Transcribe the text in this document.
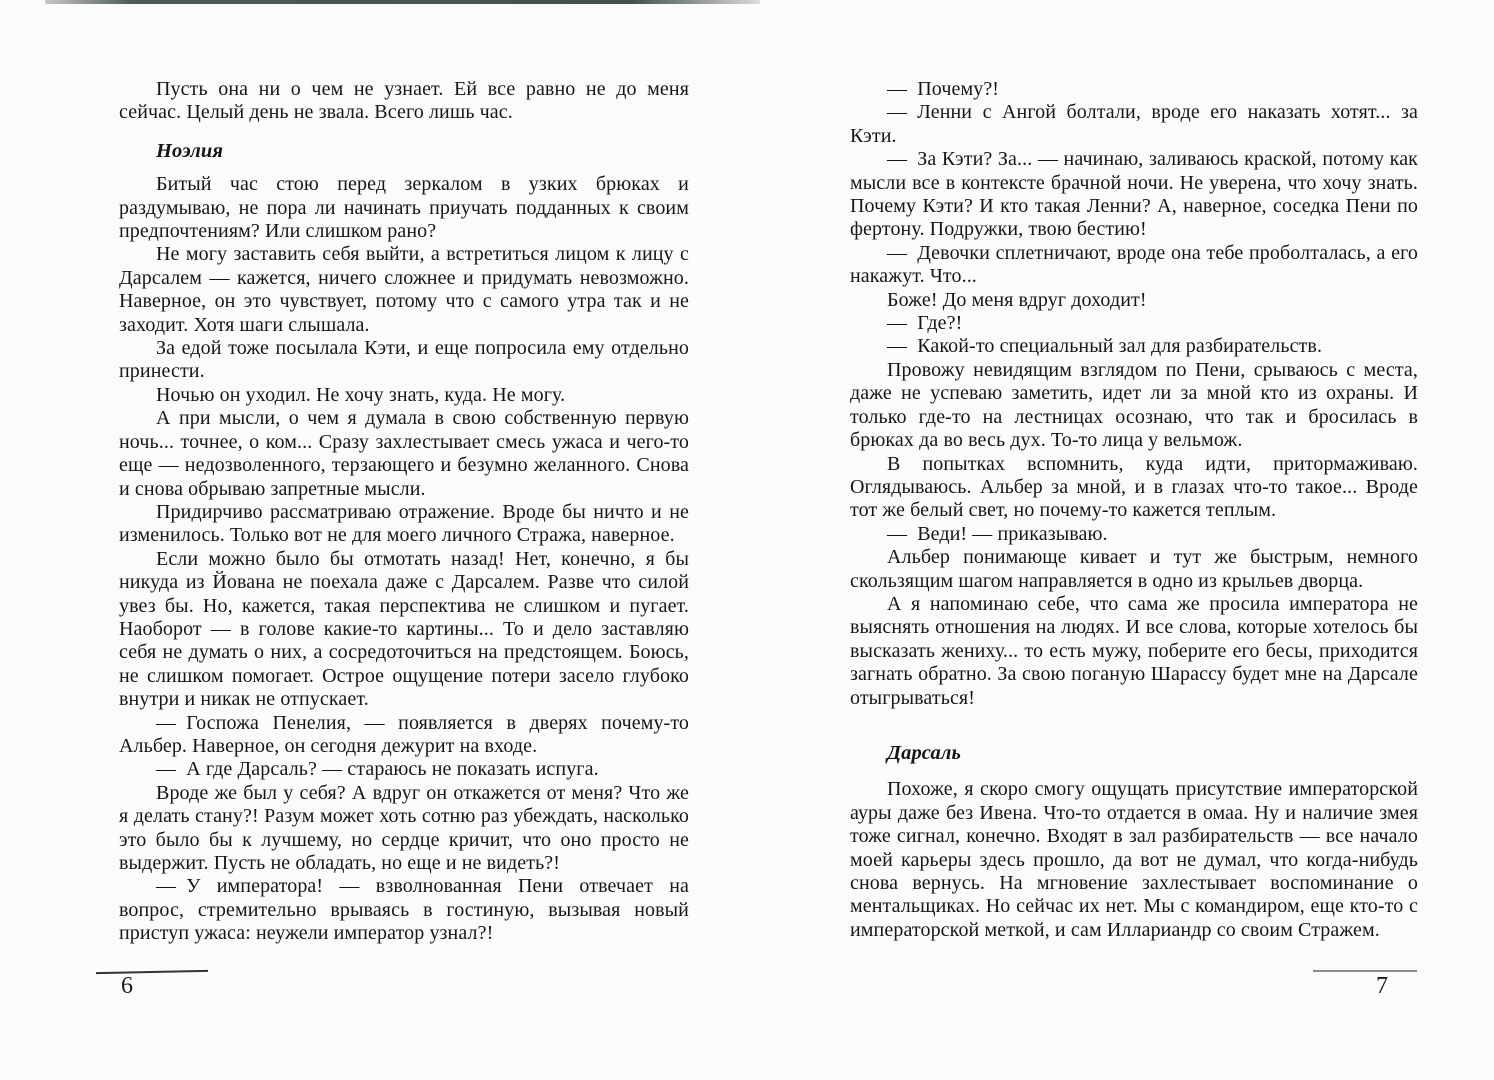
Пусть она ни о чем не узнает. Ей все равно не до меня сейчас. Целый день не звала. Всего лишь час.

Ноэлия

Битый час стою перед зеркалом в узких брюках и раздумываю, не пора ли начинать приучать подданных к своим предпочтениям? Или слишком рано?

Не могу заставить себя выйти, а встретиться лицом к лицу с Дарсалем — кажется, ничего сложнее и придумать невозможно. Наверное, он это чувствует, потому что с самого утра так и не заходит. Хотя шаги слышала.

За едой тоже посылала Кэти, и еще попросила ему отдельно принести.

Ночью он уходил. Не хочу знать, куда. Не могу.

А при мысли, о чем я думала в свою собственную первую ночь... точнее, о ком... Сразу захлестывает смесь ужаса и чего-то еще — недозволенного, терзающего и безумно желанного. Снова и снова обрываю запретные мысли.

Придирчиво рассматриваю отражение. Вроде бы ничто и не изменилось. Только вот не для моего личного Стража, наверное.

Если можно было бы отмотать назад! Нет, конечно, я бы никуда из Йована не поехала даже с Дарсалем. Разве что силой увез бы. Но, кажется, такая перспектива не слишком и пугает. Наоборот — в голове какие-то картины... То и дело заставляю себя не думать о них, а сосредоточиться на предстоящем. Боюсь, не слишком помогает. Острое ощущение потери засело глубоко внутри и никак не отпускает.

— Госпожа Пенелия, — появляется в дверях почему-то Альбер. Наверное, он сегодня дежурит на входе.

— А где Дарсаль? — стараюсь не показать испуга.

Вроде же был у себя? А вдруг он откажется от меня? Что же я делать стану?! Разум может хоть сотню раз убеждать, насколько это было бы к лучшему, но сердце кричит, что оно просто не выдержит. Пусть не обладать, но еще и не видеть?!

— У императора! — взволнованная Пени отвечает на вопрос, стремительно врываясь в гостиную, вызывая новый приступ ужаса: неужели император узнал?!

6

— Почему?!

— Ленни с Ангой болтали, вроде его наказать хотят... за Кэти.

— За Кэти? За... — начинаю, заливаюсь краской, потому как мысли все в контексте брачной ночи. Не уверена, что хочу знать. Почему Кэти? И кто такая Ленни? А, наверное, соседка Пени по фертону. Подружки, твою бестию!

— Девочки сплетничают, вроде она тебе проболталась, а его накажут. Что...

Боже! До меня вдруг доходит!

— Где?!

— Какой-то специальный зал для разбирательств.

Провожу невидящим взглядом по Пени, срываюсь с места, даже не успеваю заметить, идет ли за мной кто из охраны. И только где-то на лестницах осознаю, что так и бросилась в брюках да во весь дух. То-то лица у вельмож.

В попытках вспомнить, куда идти, притормаживаю. Оглядываюсь. Альбер за мной, и в глазах что-то такое... Вроде тот же белый свет, но почему-то кажется теплым.

— Веди! — приказываю.

Альбер понимающе кивает и тут же быстрым, немного скользящим шагом направляется в одно из крыльев дворца.

А я напоминаю себе, что сама же просила императора не выяснять отношения на людях. И все слова, которые хотелось бы высказать жениху... то есть мужу, поберите его бесы, приходится загнать обратно. За свою поганую Шарассу будет мне на Дарсале отыгрываться!

Дарсаль

Похоже, я скоро смогу ощущать присутствие императорской ауры даже без Ивена. Что-то отдается в омаа. Ну и наличие змея тоже сигнал, конечно. Входят в зал разбирательств — все начало моей карьеры здесь прошло, да вот не думал, что когда-нибудь снова вернусь. На мгновение захлестывает воспоминание о ментальщиках. Но сейчас их нет. Мы с командиром, еще кто-то с императорской меткой, и сам Иллариандр со своим Стражем.

7
